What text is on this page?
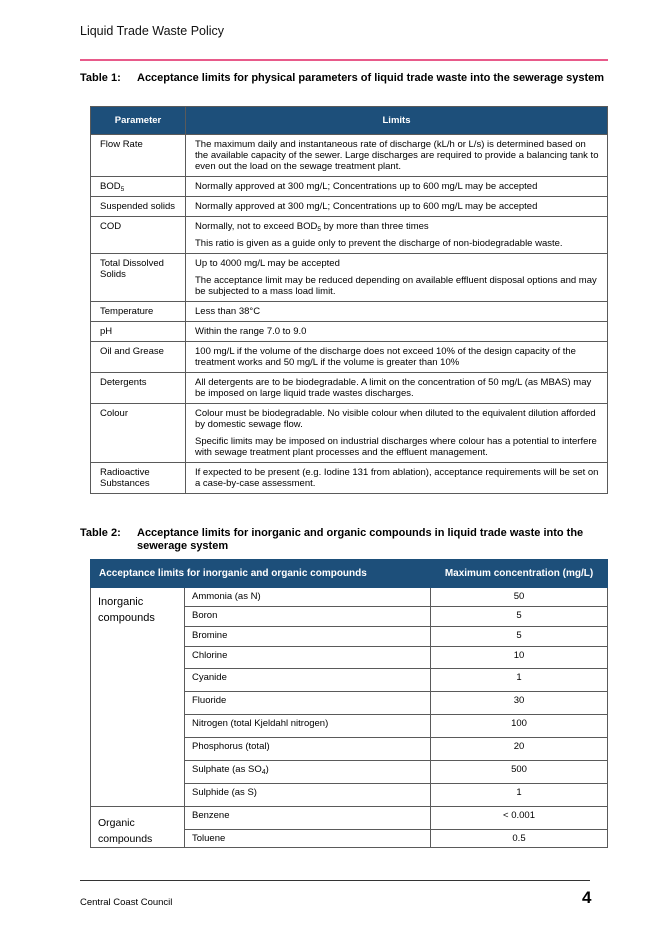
Liquid Trade Waste Policy
Table 1:	Acceptance limits for physical parameters of liquid trade waste into the sewerage system
Parameter	Limits
Flow Rate	The maximum daily and instantaneous rate of discharge (kL/h or L/s) is determined based on the available capacity of the sewer. Large discharges are required to provide a balancing tank to even out the load on the sewage treatment plant.

$BOD_5$	Normally approved at 300 mg/L; Concentrations up to 600 mg/L may be accepted

Suspended solids	Normally approved at 300 mg/L; Concentrations up to 600 mg/L may be accepted

COD	Normally, not to exceed $BOD_5$ by more than three times
This ratio is given as a guide only to prevent the discharge of non-biodegradable waste.

Total Dissolved Solids	Up to 4000 mg/L may be accepted
The acceptance limit may be reduced depending on available effluent disposal options and may be subjected to a mass load limit.

Temperature	Less than 38°C

pH	Within the range 7.0 to 9.0

Oil and Grease	100 mg/L if the volume of the discharge does not exceed 10% of the design capacity of the treatment works and 50 mg/L if the volume is greater than 10%

Detergents	All detergents are to be biodegradable. A limit on the concentration of 50 mg/L (as MBAS) may be imposed on large liquid trade wastes discharges.

Colour	Colour must be biodegradable. No visible colour when diluted to the equivalent dilution afforded by domestic sewage flow.
Specific limits may be imposed on industrial discharges where colour has a potential to interfere with sewage treatment plant processes and the effluent management.

Radioactive Substances	If expected to be present (e.g. Iodine 131 from ablation), acceptance requirements will be set on a case-by-case assessment.
Table 2:	Acceptance limits for inorganic and organic compounds in liquid trade waste into the sewerage system
Acceptance limits for inorganic and organic compounds		Maximum concentration (mg/L)
Inorganic compounds	Ammonia (as N)	50
	Boron	5
	Bromine	5
	Chlorine	10
	Cyanide	1
	Fluoride	30
	Nitrogen (total Kjeldahl nitrogen)	100
	Phosphorus (total)	20
	Sulphate (as $SO_4$)	500
	Sulphide (as S)	1
Organic compounds	Benzene	< 0.001
	Toluene	0.5
Central Coast Council	4
